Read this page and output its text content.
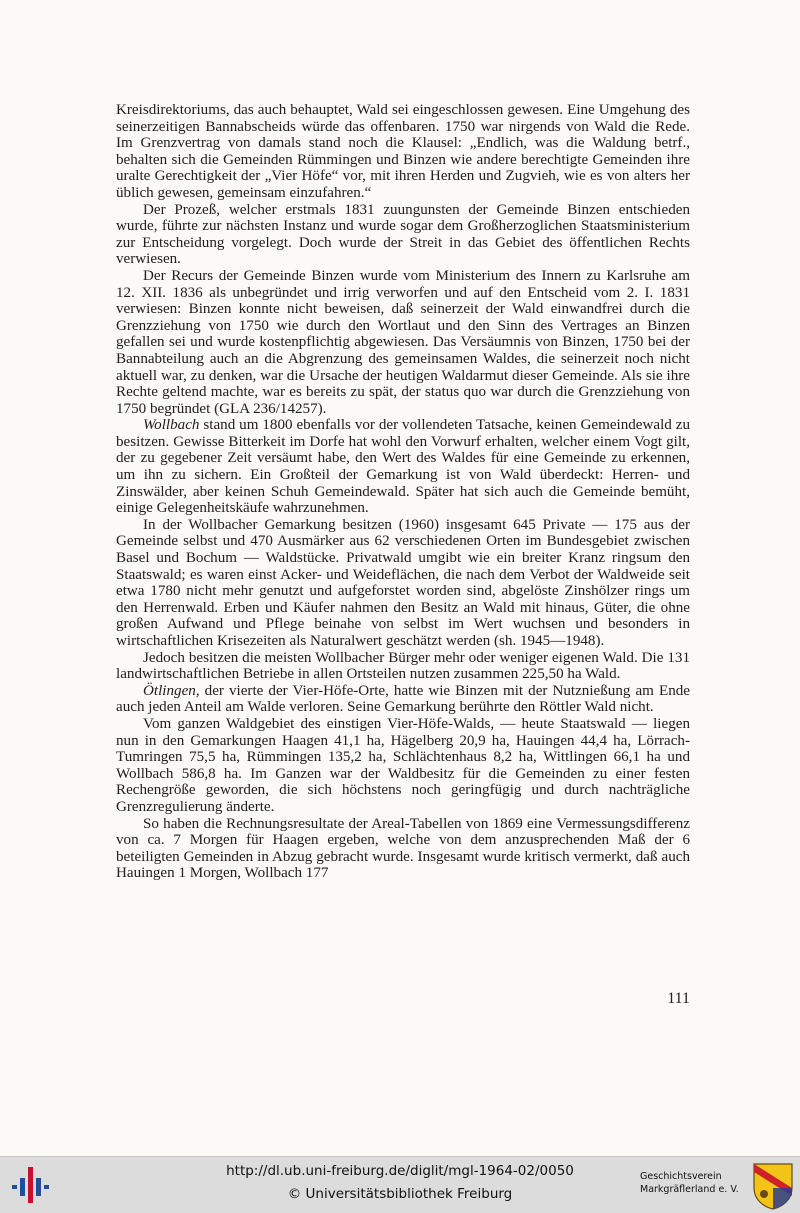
Kreisdirektoriums, das auch behauptet, Wald sei eingeschlossen gewesen. Eine Umgehung des seinerzeitigen Bannabscheids würde das offenbaren. 1750 war nirgends von Wald die Rede. Im Grenzvertrag von damals stand noch die Klausel: „Endlich, was die Waldung betrf., behalten sich die Gemeinden Rümmingen und Binzen wie andere berechtigte Gemeinden ihre uralte Gerechtigkeit der „Vier Höfe“ vor, mit ihren Herden und Zugvieh, wie es von alters her üblich gewesen, gemeinsam einzufahren.“

Der Prozeß, welcher erstmals 1831 zuungunsten der Gemeinde Binzen entschieden wurde, führte zur nächsten Instanz und wurde sogar dem Großherzoglichen Staatsministerium zur Entscheidung vorgelegt. Doch wurde der Streit in das Gebiet des öffentlichen Rechts verwiesen.

Der Recurs der Gemeinde Binzen wurde vom Ministerium des Innern zu Karlsruhe am 12. XII. 1836 als unbegründet und irrig verworfen und auf den Entscheid vom 2. I. 1831 verwiesen: Binzen konnte nicht beweisen, daß seinerzeit der Wald einwandfrei durch die Grenzziehung von 1750 wie durch den Wortlaut und den Sinn des Vertrages an Binzen gefallen sei und wurde kostenpflichtig abgewiesen. Das Versäumnis von Binzen, 1750 bei der Bannabteilung auch an die Abgrenzung des gemeinsamen Waldes, die seinerzeit noch nicht aktuell war, zu denken, war die Ursache der heutigen Waldarmut dieser Gemeinde. Als sie ihre Rechte geltend machte, war es bereits zu spät, der status quo war durch die Grenzziehung von 1750 begründet (GLA 236/14257).

Wollbach stand um 1800 ebenfalls vor der vollendeten Tatsache, keinen Gemeindewald zu besitzen. Gewisse Bitterkeit im Dorfe hat wohl den Vorwurf erhalten, welcher einem Vogt gilt, der zu gegebener Zeit versäumt habe, den Wert des Waldes für eine Gemeinde zu erkennen, um ihn zu sichern. Ein Großteil der Gemarkung ist von Wald überdeckt: Herren- und Zinswälder, aber keinen Schuh Gemeindewald. Später hat sich auch die Gemeinde bemüht, einige Gelegenheitskäufe wahrzunehmen.

In der Wollbacher Gemarkung besitzen (1960) insgesamt 645 Private — 175 aus der Gemeinde selbst und 470 Ausmärker aus 62 verschiedenen Orten im Bundesgebiet zwischen Basel und Bochum — Waldstücke. Privatwald umgibt wie ein breiter Kranz ringsum den Staatswald; es waren einst Acker- und Weideflächen, die nach dem Verbot der Waldweide seit etwa 1780 nicht mehr genutzt und aufgeforstet worden sind, abgelöste Zinshölzer rings um den Herrenwald. Erben und Käufer nahmen den Besitz an Wald mit hinaus, Güter, die ohne großen Aufwand und Pflege beinahe von selbst im Wert wuchsen und besonders in wirtschaftlichen Krisezeiten als Naturalwert geschätzt werden (sh. 1945—1948).

Jedoch besitzen die meisten Wollbacher Bürger mehr oder weniger eigenen Wald. Die 131 landwirtschaftlichen Betriebe in allen Ortsteilen nutzen zusammen 225,50 ha Wald.

Ötlingen, der vierte der Vier-Höfe-Orte, hatte wie Binzen mit der Nutznießung am Ende auch jeden Anteil am Walde verloren. Seine Gemarkung berührte den Röttler Wald nicht.

Vom ganzen Waldgebiet des einstigen Vier-Höfe-Walds, — heute Staatswald — liegen nun in den Gemarkungen Haagen 41,1 ha, Hägelberg 20,9 ha, Hauingen 44,4 ha, Lörrach-Tumringen 75,5 ha, Rümmingen 135,2 ha, Schlächtenhaus 8,2 ha, Wittlingen 66,1 ha und Wollbach 586,8 ha. Im Ganzen war der Waldbesitz für die Gemeinden zu einer festen Rechengröße geworden, die sich höchstens noch geringfügig und durch nachträgliche Grenzregulierung änderte.

So haben die Rechnungsresultate der Areal-Tabellen von 1869 eine Vermessungsdifferenz von ca. 7 Morgen für Haagen ergeben, welche von dem anzusprechenden Maß der 6 beteiligten Gemeinden in Abzug gebracht wurde. Insgesamt wurde kritisch vermerkt, daß auch Hauingen 1 Morgen, Wollbach 177

111
http://dl.ub.uni-freiburg.de/diglit/mgl-1964-02/0050
© Universitätsbibliothek Freiburg
Geschichtsverein
Markgräflerland e. V.
